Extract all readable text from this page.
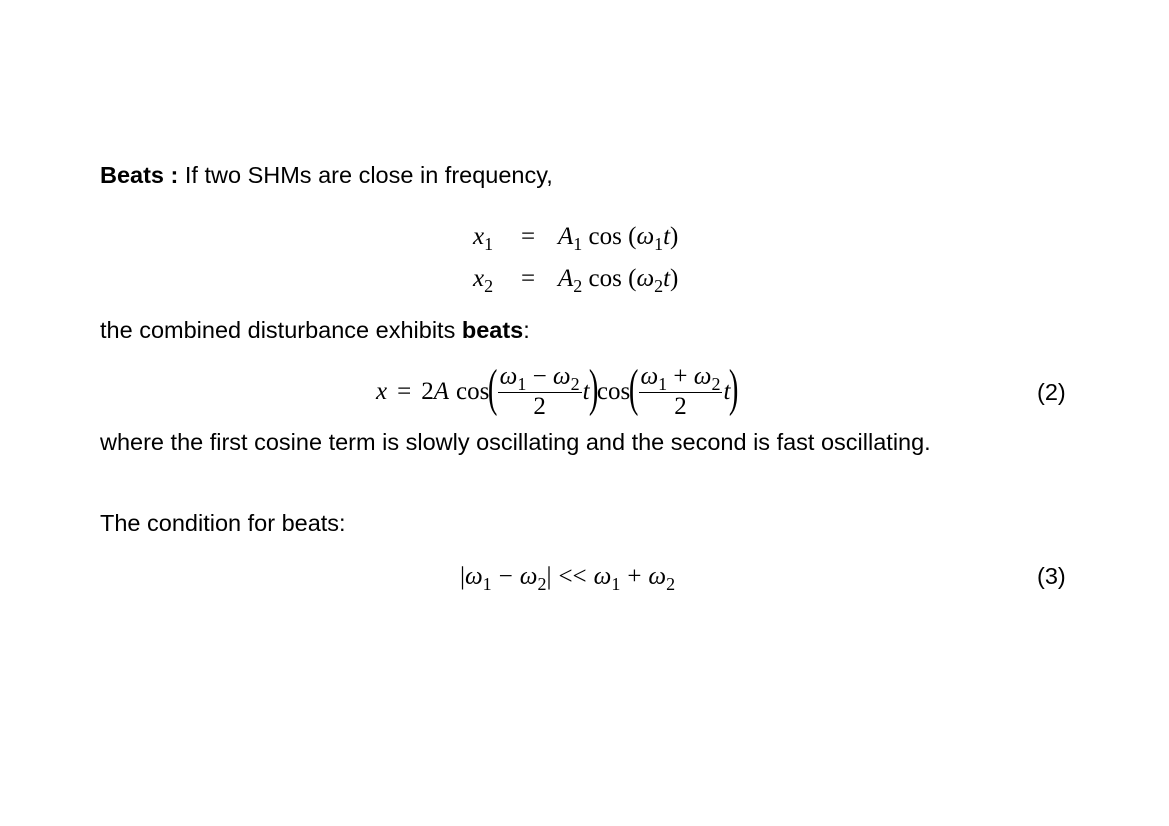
Beats : If two SHMs are close in frequency,
$x_1 = A_1$ $\cos (\omega_1t)$
$x_2 = A_2$ $\cos (\omega_2t)$
the combined disturbance exhibits beats:
x = 2 A cos
( $\frac{\omega_1 - \omega_2}{2}$ t
)
cos
( $\frac{\omega_1 + \omega_2}{2}$ t
)	(2)
where the first cosine term is slowly oscillating and the second is fast oscillating.
The condition for beats:
$|\omega_1 - \omega_2| << \omega_1 + \omega_2$	(3)
